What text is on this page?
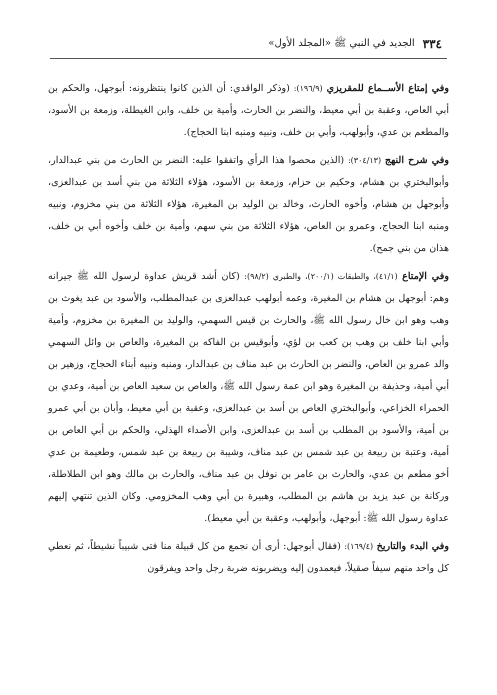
٣٣٤
الجديد في النبي ﷺ «المجلد الأول»

وفي إمتاع الأســماع للمقريزي (١٩٦/٩): (وذكر الواقدي: أن الذين كانوا ينتظرونه: أبوجهل، والحكم بن أبي العاص، وعقبة بن أبي معيط، والنضر بن الحارث، وأمية بن خلف، وابن الغيطلة، وزمعة بن الأسود، والمطعم بن عدي، وأبولهب، وأبي بن خلف، ونبيه ومنبه ابنا الحجاج).

وفي شرح النهج (٣٠٤/١٣): (الذين محصوا هذا الرأي واتفقوا عليه: النضر بن الحارث من بني عبدالدار، وأبوالبختري بن هشام، وحكيم بن حزام، وزمعة بن الأسود، هؤلاء الثلاثة من بني أسد بن عبدالعزى، وأبوجهل بن هشام، وأخوه الحارث، وخالد بن الوليد بن المغيرة، هؤلاء الثلاثة من بني مخزوم، ونبيه ومنبه ابنا الحجاج، وعمرو بن العاص، هؤلاء الثلاثة من بني سهم، وأمية بن خلف وأخوه أبي بن خلف، هذان من بني جمح).

وفي الإمتاع (٤١/١)، والطبقات (٢٠٠/١)، والطبري (٩٨/٢): (كان أشد قريش عداوة لرسول الله ﷺ جيرانه وهم: أبوجهل بن هشام بن المغيرة، وعمه أبولهب عبدالعزى بن عبدالمطلب، والأسود بن عبد يغوث بن وهب وهو ابن خال رسول الله ﷺ، والحارث بن قيس السهمي، والوليد بن المغيرة بن مخزوم، وأمية وأبي ابنا خلف بن وهب بن كعب بن لؤي، وأبوقيس بن الفاكه بن المغيرة، والعاص بن وائل السهمي والد عمرو بن العاص، والنضر بن الحارث بن عبد مناف بن عبدالدار، ومنبه ونبيه أبناء الحجاج، وزهير بن أبي أمية، وحذيفة بن المغيرة وهو ابن عمة رسول الله ﷺ، والعاص بن سعيد العاص بن أمية، وعدي بن الحمراء الخزاعي، وأبوالبختري العاص بن أسد بن عبدالعزى، وعقبة بن أبي معيط، وأبان بن أبي عمرو بن أمية، والأسود بن المطلب بن أسد بن عبدالعزى، وابن الأصداء الهذلي، والحكم بن أبي العاص بن أمية، وعتبة بن ربيعة بن عبد شمس بن عبد مناف، وشيبة بن ربيعة بن عبد شمس، وطعيمة بن عدي أخو مطعم بن عدي، والحارث بن عامر بن نوفل بن عبد مناف، والحارث بن مالك وهو ابن الطلاطلة، وركانة بن عبد يزيد بن هاشم بن المطلب، وهبيرة بن أبي وهب المخزومي. وكان الذين تنتهي إليهم عداوة رسول الله ﷺ: أبوجهل، وأبولهب، وعقبة بن أبي معيط).

وفي البدء والتاريخ (١٦٩/٤): (فقال أبوجهل: أرى أن نجمع من كل قبيلة منا فتى شبيباً نشيطاً، ثم نعطي كل واحد منهم سيفاً صقيلاً، فيعمدون إليه ويضربونه ضربة رجل واحد ويفرقون
